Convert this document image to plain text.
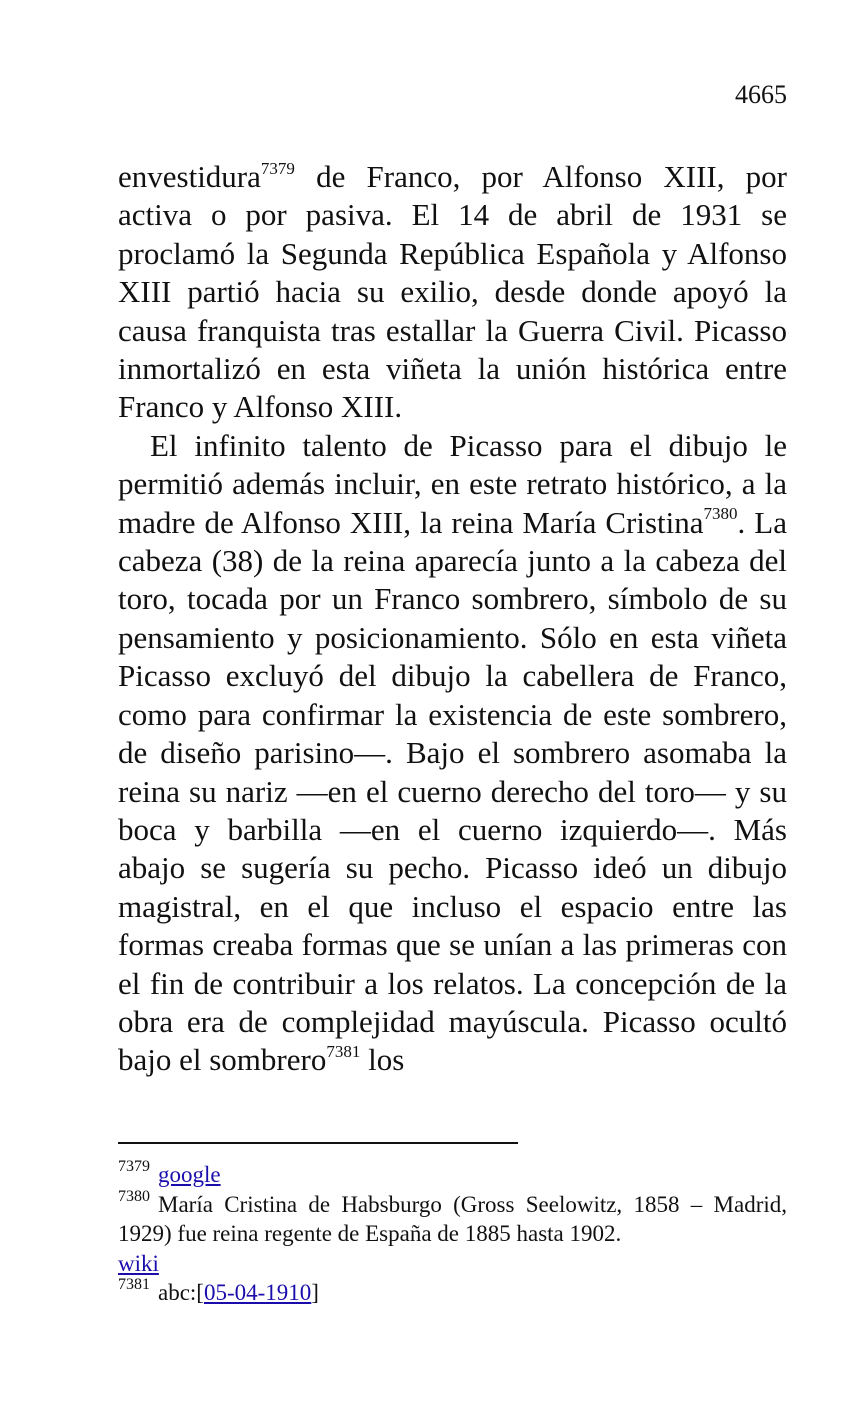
4665

envestidura$^{7379}$ de Franco, por Alfonso XIII, por activa o por pasiva. El 14 de abril de 1931 se proclamó la Segunda República Española y Alfonso XIII partió hacia su exilio, desde donde apoyó la causa franquista tras estallar la Guerra Civil. Picasso inmortalizó en esta viñeta la unión histórica entre Franco y Alfonso XIII.

El infinito talento de Picasso para el dibujo le permitió además incluir, en este retrato histórico, a la madre de Alfonso XIII, la reina María Cristina$^{7380}$. La cabeza (38) de la reina aparecía junto a la cabeza del toro, tocada por un Franco sombrero, símbolo de su pensamiento y posicionamiento. Sólo en esta viñeta Picasso excluyó del dibujo la cabellera de Franco, como para confirmar la existencia de este sombrero, de diseño parisino―. Bajo el sombrero asomaba la reina su nariz ―en el cuerno derecho del toro― y su boca y barbilla ―en el cuerno izquierdo―. Más abajo se sugería su pecho. Picasso ideó un dibujo magistral, en el que incluso el espacio entre las formas creaba formas que se unían a las primeras con el fin de contribuir a los relatos. La concepción de la obra era de complejidad mayúscula. Picasso ocultó bajo el sombrero$^{7381}$ los

$^{7379}$ google

$^{7380}$ María Cristina de Habsburgo (Gross Seelowitz, 1858 – Madrid, 1929) fue reina regente de España de 1885 hasta 1902.
wiki

$^{7381}$ abc:[05-04-1910]
